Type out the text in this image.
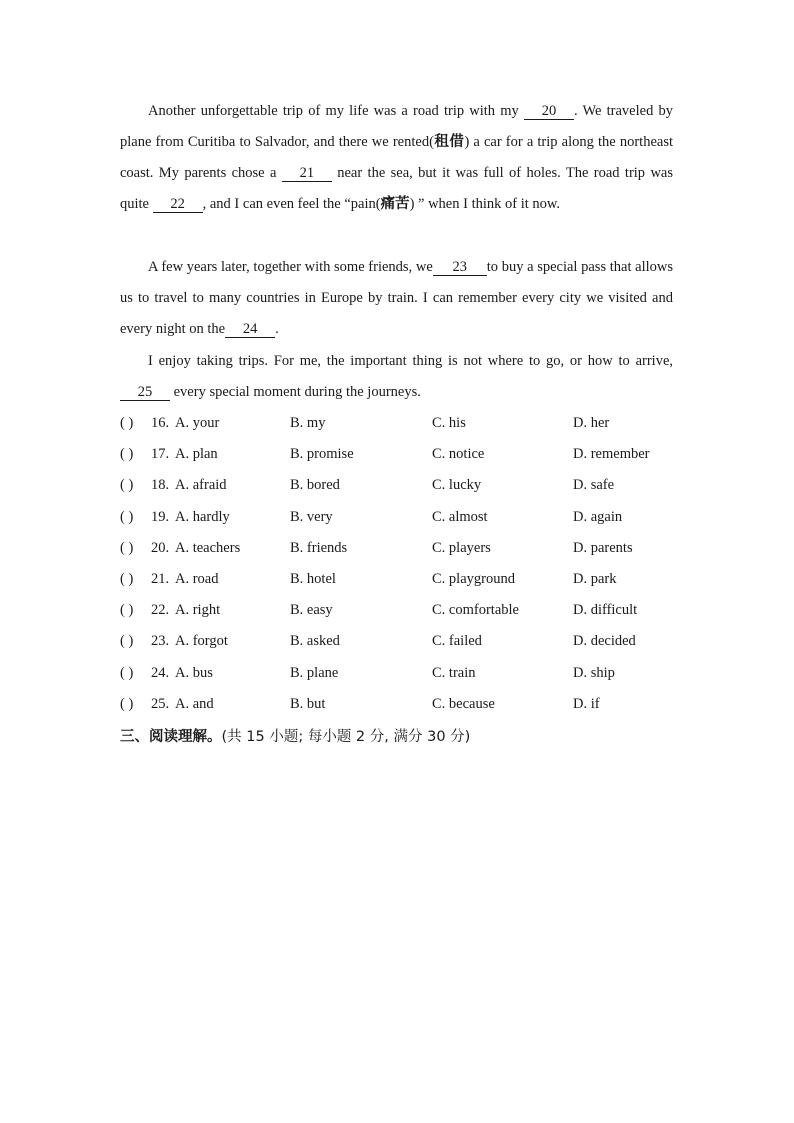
Another unforgettable trip of my life was a road trip with my 20 . We traveled by plane from Curitiba to Salvador, and there we rented(租借) a car for a trip along the northeast coast. My parents chose a 21 near the sea, but it was full of holes. The road trip was quite 22 , and I can even feel the “pain(痛苦) ” when I think of it now.

A few years later, together with some friends, we 23 to buy a special pass that allows us to travel to many countries in Europe by train. I can remember every city we visited and every night on the 24 .

I enjoy taking trips. For me, the important thing is not where to go, or how to arrive, 25 every special moment during the journeys.

( ) 16. A. your	B. my	C. his	D. her
( ) 17. A. plan	B. promise	C. notice	D. remember
( ) 18. A. afraid	B. bored	C. lucky	D. safe
( ) 19. A. hardly	B. very	C. almost	D. again
( ) 20. A. teachers	B. friends	C. players	D. parents
( ) 21. A. road	B. hotel	C. playground	D. park
( ) 22. A. right	B. easy	C. comfortable	D. difficult
( ) 23. A. forgot	B. asked	C. failed	D. decided
( ) 24. A. bus	B. plane	C. train	D. ship
( ) 25. A. and	B. but	C. because	D. if
三、阅读理解。(共 15 小题; 每小题 2 分, 满分 30 分)
